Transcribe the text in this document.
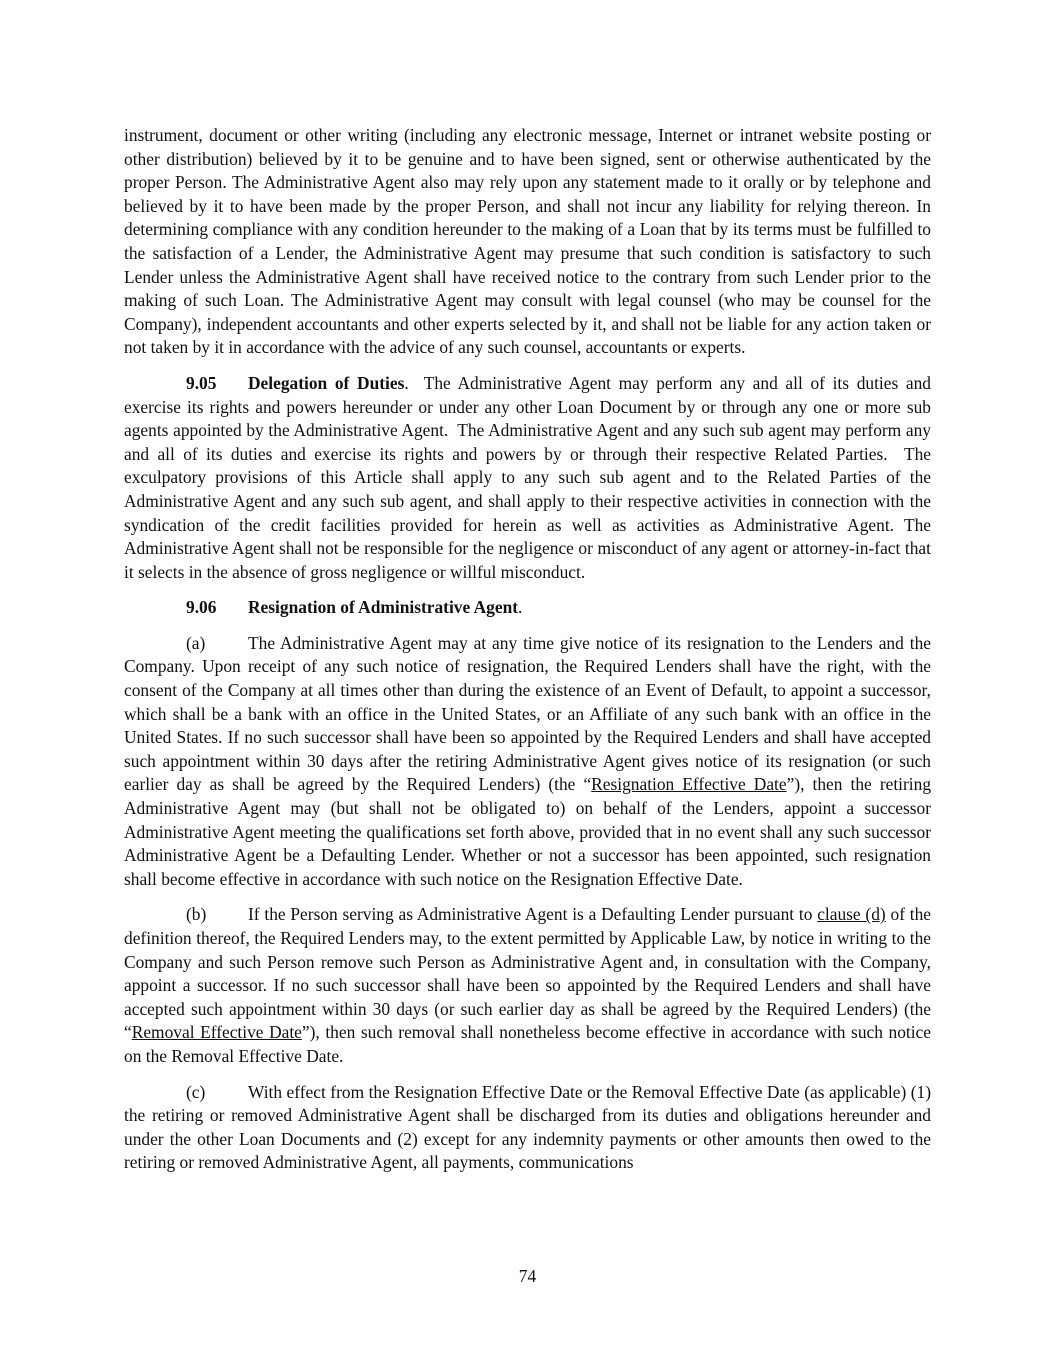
instrument, document or other writing (including any electronic message, Internet or intranet website posting or other distribution) believed by it to be genuine and to have been signed, sent or otherwise authenticated by the proper Person. The Administrative Agent also may rely upon any statement made to it orally or by telephone and believed by it to have been made by the proper Person, and shall not incur any liability for relying thereon. In determining compliance with any condition hereunder to the making of a Loan that by its terms must be fulfilled to the satisfaction of a Lender, the Administrative Agent may presume that such condition is satisfactory to such Lender unless the Administrative Agent shall have received notice to the contrary from such Lender prior to the making of such Loan. The Administrative Agent may consult with legal counsel (who may be counsel for the Company), independent accountants and other experts selected by it, and shall not be liable for any action taken or not taken by it in accordance with the advice of any such counsel, accountants or experts.

9.05 Delegation of Duties.  The Administrative Agent may perform any and all of its duties and exercise its rights and powers hereunder or under any other Loan Document by or through any one or more sub agents appointed by the Administrative Agent.  The Administrative Agent and any such sub agent may perform any and all of its duties and exercise its rights and powers by or through their respective Related Parties.  The exculpatory provisions of this Article shall apply to any such sub agent and to the Related Parties of the Administrative Agent and any such sub agent, and shall apply to their respective activities in connection with the syndication of the credit facilities provided for herein as well as activities as Administrative Agent. The Administrative Agent shall not be responsible for the negligence or misconduct of any agent or attorney-in-fact that it selects in the absence of gross negligence or willful misconduct.

9.06 Resignation of Administrative Agent.

(a) The Administrative Agent may at any time give notice of its resignation to the Lenders and the Company. Upon receipt of any such notice of resignation, the Required Lenders shall have the right, with the consent of the Company at all times other than during the existence of an Event of Default, to appoint a successor, which shall be a bank with an office in the United States, or an Affiliate of any such bank with an office in the United States. If no such successor shall have been so appointed by the Required Lenders and shall have accepted such appointment within 30 days after the retiring Administrative Agent gives notice of its resignation (or such earlier day as shall be agreed by the Required Lenders) (the “Resignation Effective Date”), then the retiring Administrative Agent may (but shall not be obligated to) on behalf of the Lenders, appoint a successor Administrative Agent meeting the qualifications set forth above, provided that in no event shall any such successor Administrative Agent be a Defaulting Lender. Whether or not a successor has been appointed, such resignation shall become effective in accordance with such notice on the Resignation Effective Date.

(b) If the Person serving as Administrative Agent is a Defaulting Lender pursuant to clause (d) of the definition thereof, the Required Lenders may, to the extent permitted by Applicable Law, by notice in writing to the Company and such Person remove such Person as Administrative Agent and, in consultation with the Company, appoint a successor. If no such successor shall have been so appointed by the Required Lenders and shall have accepted such appointment within 30 days (or such earlier day as shall be agreed by the Required Lenders) (the “Removal Effective Date”), then such removal shall nonetheless become effective in accordance with such notice on the Removal Effective Date.

(c) With effect from the Resignation Effective Date or the Removal Effective Date (as applicable) (1) the retiring or removed Administrative Agent shall be discharged from its duties and obligations hereunder and under the other Loan Documents and (2) except for any indemnity payments or other amounts then owed to the retiring or removed Administrative Agent, all payments, communications

74
